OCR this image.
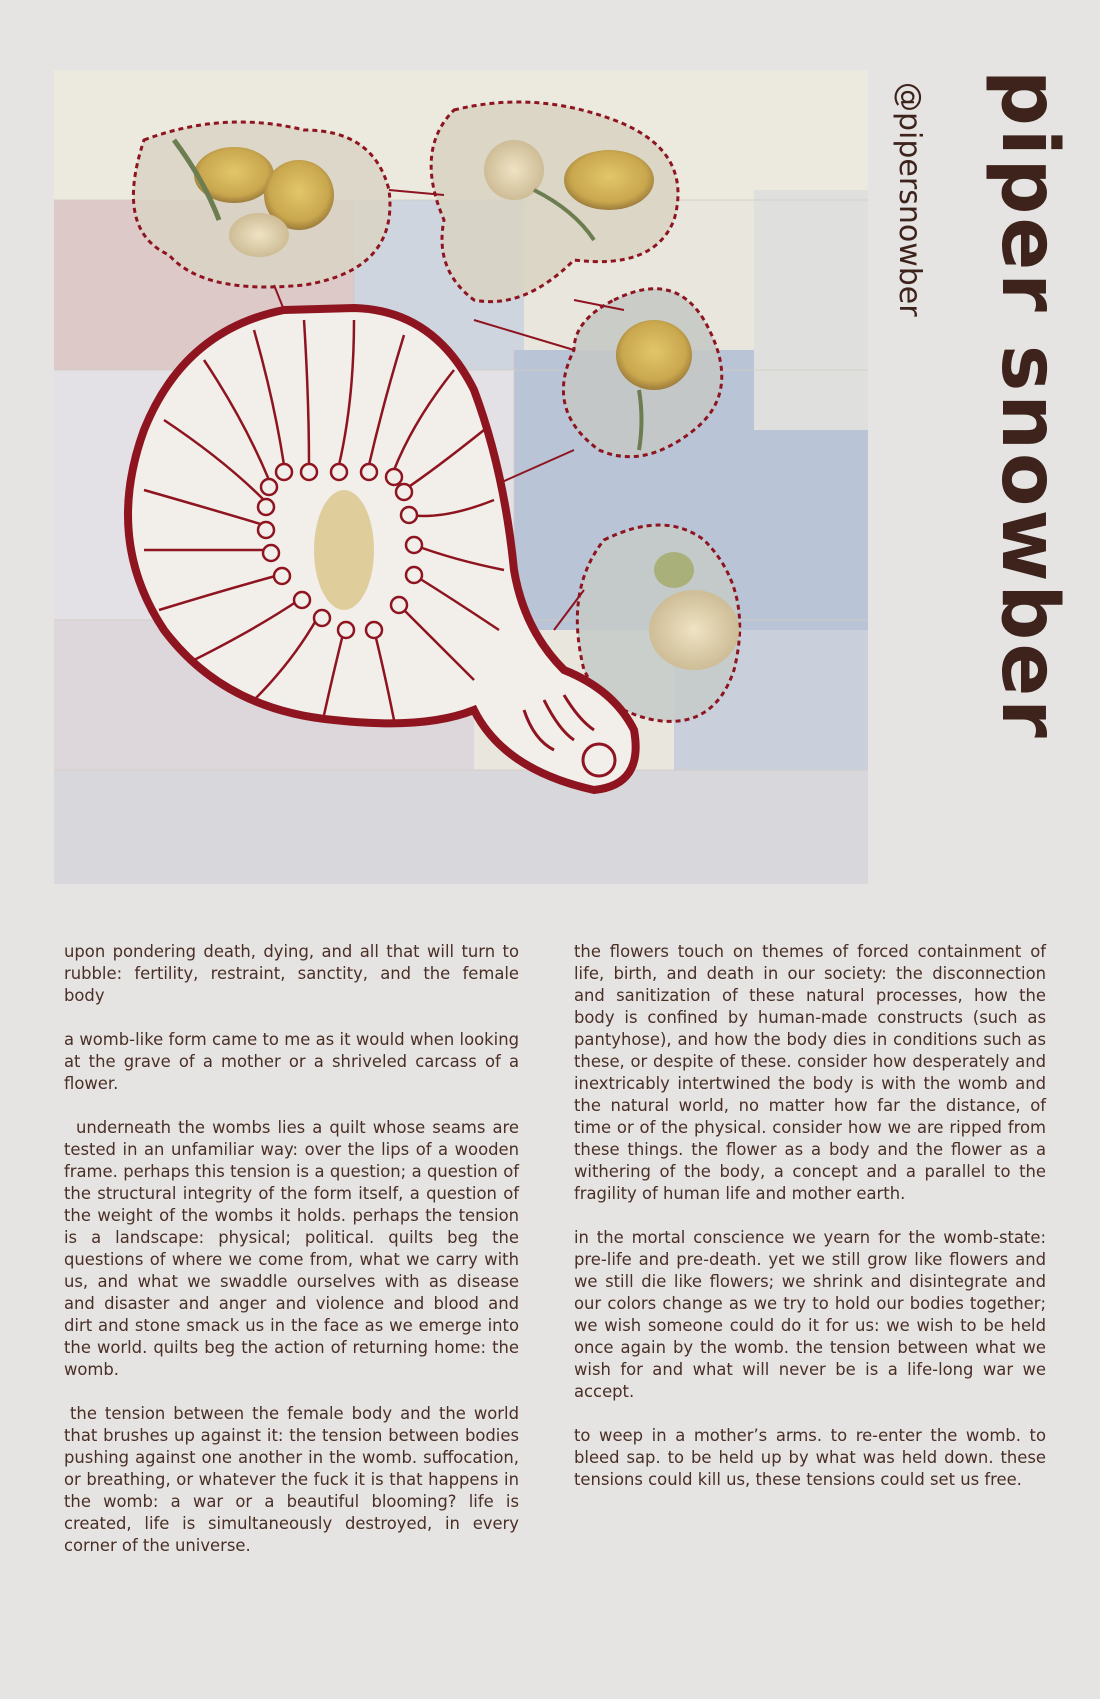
piper snowber
@pipersnowber

upon pondering death, dying, and all that will turn to rubble: fertility, restraint, sanctity, and the female body

a womb-like form came to me as it would when looking at the grave of a mother or a shriveled carcass of a flower.

underneath the wombs lies a quilt whose seams are tested in an unfamiliar way: over the lips of a wooden frame. perhaps this tension is a question; a question of the structural integrity of the form itself, a question of the weight of the wombs it holds. perhaps the tension is a landscape: physical; political. quilts beg the questions of where we come from, what we carry with us, and what we swaddle ourselves with as disease and disaster and anger and violence and blood and dirt and stone smack us in the face as we emerge into the world. quilts beg the action of returning home: the womb.

the tension between the female body and the world that brushes up against it: the tension between bodies pushing against one another in the womb. suffocation, or breathing, or whatever the fuck it is that happens in the womb: a war or a beautiful blooming? life is created, life is simultaneously destroyed, in every corner of the universe.

the flowers touch on themes of forced containment of life, birth, and death in our society: the disconnection and sanitization of these natural processes, how the body is confined by human-made constructs (such as pantyhose), and how the body dies in conditions such as these, or despite of these. consider how desperately and inextricably intertwined the body is with the womb and the natural world, no matter how far the distance, of time or of the physical. consider how we are ripped from these things. the flower as a body and the flower as a withering of the body, a concept and a parallel to the fragility of human life and mother earth.

in the mortal conscience we yearn for the womb-state: pre-life and pre-death. yet we still grow like flowers and we still die like flowers; we shrink and disintegrate and our colors change as we try to hold our bodies together; we wish someone could do it for us: we wish to be held once again by the womb. the tension between what we wish for and what will never be is a life-long war we accept.

to weep in a mother’s arms. to re-enter the womb. to bleed sap. to be held up by what was held down. these tensions could kill us, these tensions could set us free.
